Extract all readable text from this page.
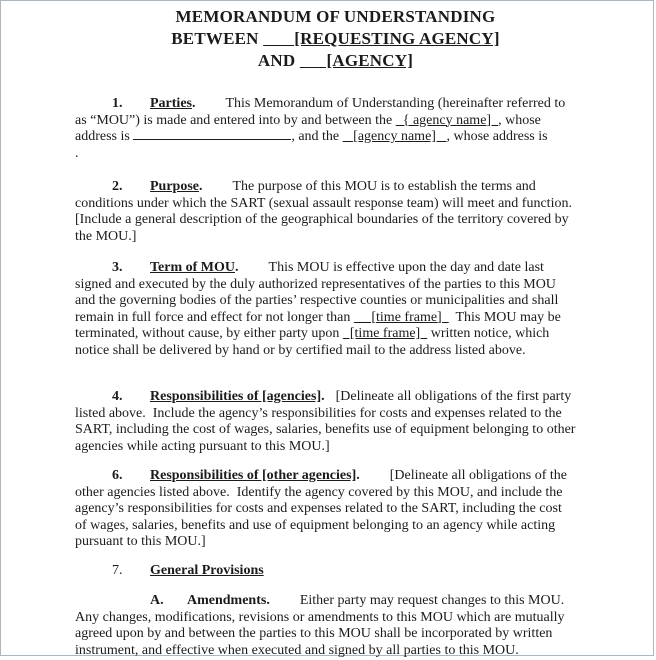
MEMORANDUM OF UNDERSTANDING
BETWEEN        [REQUESTING AGENCY]
AND       [AGENCY]
1. Parties. This Memorandum of Understanding (hereinafter referred to
as “MOU”) is made and entered into by and between the   { agency name]  , whose
address is	, and the    [agency name]   , whose address is
.
2. Purpose. The purpose of this MOU is to establish the terms and
conditions under which the SART (sexual assault response team) will meet and function.
[Include a general description of the geographical boundaries of the territory covered by
the MOU.]
3. Term of MOU. This MOU is effective upon the day and date last
signed and executed by the duly authorized representatives of the parties to this MOU
and the governing bodies of the parties’ respective counties or municipalities and shall
remain in full force and effect for not longer than      [time frame]    This MOU may be
terminated, without cause, by either party upon   [time frame]   written notice, which
notice shall be delivered by hand or by certified mail to the address listed above.
4. Responsibilities of [agencies]. [Delineate all obligations of the first party
listed above.  Include the agency’s responsibilities for costs and expenses related to the
SART, including the cost of wages, salaries, benefits use of equipment belonging to other
agencies while acting pursuant to this MOU.]
6. Responsibilities of [other agencies]. [Delineate all obligations of the
other agencies listed above.  Identify the agency covered by this MOU, and include the
agency’s responsibilities for costs and expenses related to the SART, including the cost
of wages, salaries, benefits and use of equipment belonging to an agency while acting
pursuant to this MOU.]
7. General Provisions
A. Amendments. Either party may request changes to this MOU.
Any changes, modifications, revisions or amendments to this MOU which are mutually
agreed upon by and between the parties to this MOU shall be incorporated by written
instrument, and effective when executed and signed by all parties to this MOU.
